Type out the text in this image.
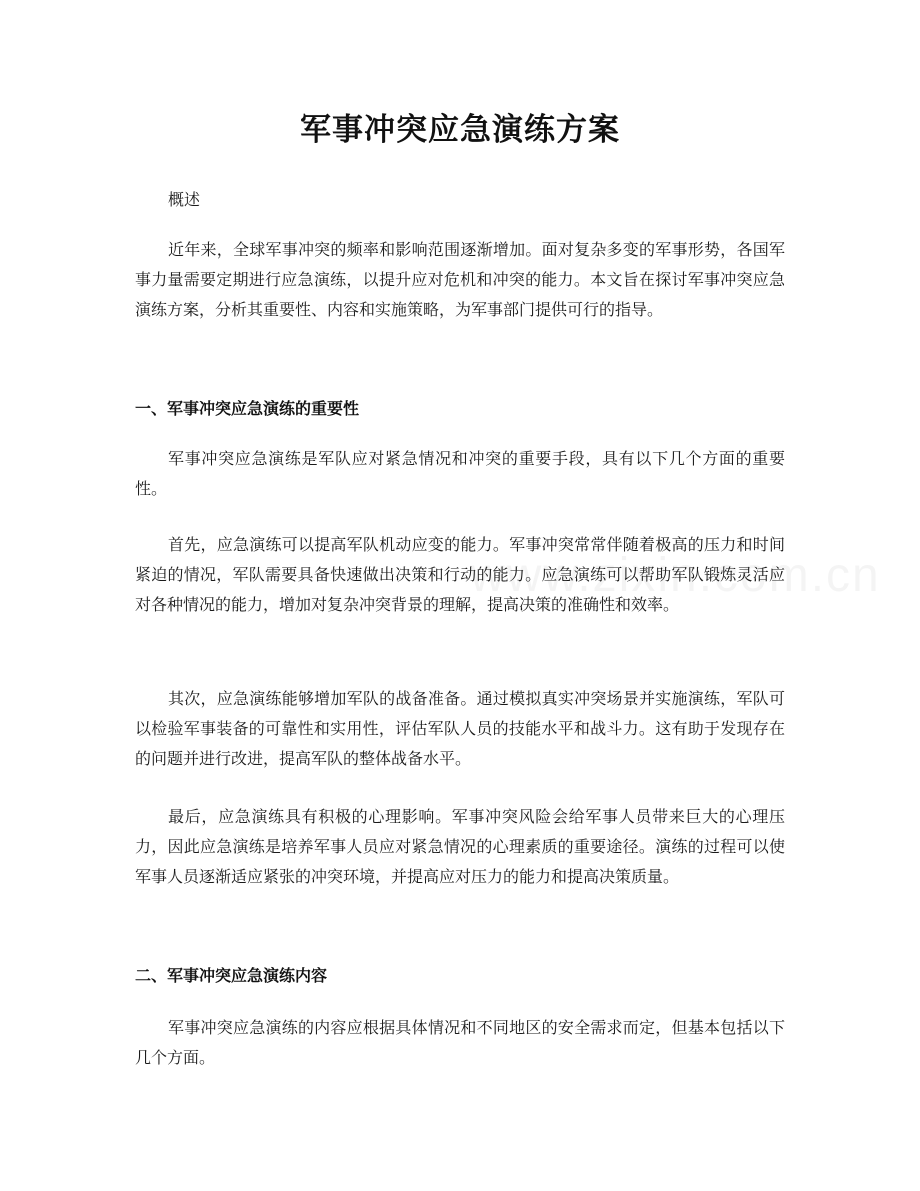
军事冲突应急演练方案
概述
近年来，全球军事冲突的频率和影响范围逐渐增加。面对复杂多变的军事形势，各国军事力量需要定期进行应急演练，以提升应对危机和冲突的能力。本文旨在探讨军事冲突应急演练方案，分析其重要性、内容和实施策略，为军事部门提供可行的指导。
一、军事冲突应急演练的重要性
军事冲突应急演练是军队应对紧急情况和冲突的重要手段，具有以下几个方面的重要性。
首先，应急演练可以提高军队机动应变的能力。军事冲突常常伴随着极高的压力和时间紧迫的情况，军队需要具备快速做出决策和行动的能力。应急演练可以帮助军队锻炼灵活应对各种情况的能力，增加对复杂冲突背景的理解，提高决策的准确性和效率。
其次，应急演练能够增加军队的战备准备。通过模拟真实冲突场景并实施演练，军队可以检验军事装备的可靠性和实用性，评估军队人员的技能水平和战斗力。这有助于发现存在的问题并进行改进，提高军队的整体战备水平。
最后，应急演练具有积极的心理影响。军事冲突风险会给军事人员带来巨大的心理压力，因此应急演练是培养军事人员应对紧急情况的心理素质的重要途径。演练的过程可以使军事人员逐渐适应紧张的冲突环境，并提高应对压力的能力和提高决策质量。
二、军事冲突应急演练内容
军事冲突应急演练的内容应根据具体情况和不同地区的安全需求而定，但基本包括以下几个方面。
